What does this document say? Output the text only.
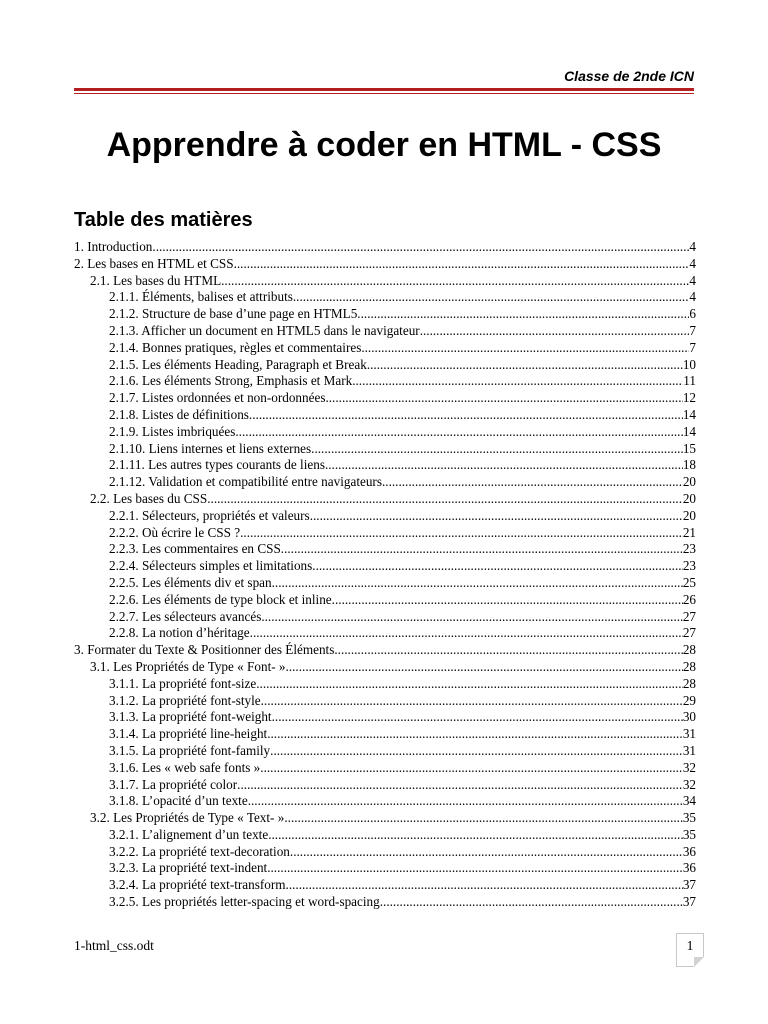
Classe de 2nde ICN
Apprendre à coder en HTML - CSS
Table des matières
1. Introduction .....	4
2. Les bases en HTML et CSS .....	4
2.1. Les bases du HTML .....	4
2.1.1. Éléments, balises et attributs .....	4
2.1.2. Structure de base d’une page en HTML5 .....	6
2.1.3. Afficher un document en HTML5 dans le navigateur .....	7
2.1.4. Bonnes pratiques, règles et commentaires .....	7
2.1.5. Les éléments Heading, Paragraph et Break .....	10
2.1.6. Les éléments Strong, Emphasis et Mark .....	11
2.1.7. Listes ordonnées et non-ordonnées .....	12
2.1.8. Listes de définitions .....	14
2.1.9. Listes imbriquées .....	14
2.1.10. Liens internes et liens externes .....	15
2.1.11. Les autres types courants de liens .....	18
2.1.12. Validation et compatibilité entre navigateurs .....	20
2.2. Les bases du CSS .....	20
2.2.1. Sélecteurs, propriétés et valeurs .....	20
2.2.2. Où écrire le CSS ? .....	21
2.2.3. Les commentaires en CSS .....	23
2.2.4. Sélecteurs simples et limitations .....	23
2.2.5. Les éléments div et span .....	25
2.2.6. Les éléments de type block et inline .....	26
2.2.7. Les sélecteurs avancés .....	27
2.2.8. La notion d’héritage .....	27
3. Formater du Texte & Positionner des Éléments .....	28
3.1. Les Propriétés de Type « Font- » .....	28
3.1.1. La propriété font-size .....	28
3.1.2. La propriété font-style .....	29
3.1.3. La propriété font-weight .....	30
3.1.4. La propriété line-height .....	31
3.1.5. La propriété font-family .....	31
3.1.6. Les « web safe fonts » .....	32
3.1.7. La propriété color .....	32
3.1.8. L’opacité d’un texte .....	34
3.2. Les Propriétés de Type « Text- » .....	35
3.2.1. L’alignement d’un texte .....	35
3.2.2. La propriété text-decoration .....	36
3.2.3. La propriété text-indent .....	36
3.2.4. La propriété text-transform .....	37
3.2.5. Les propriétés letter-spacing et word-spacing .....	37
1-html_css.odt	1
